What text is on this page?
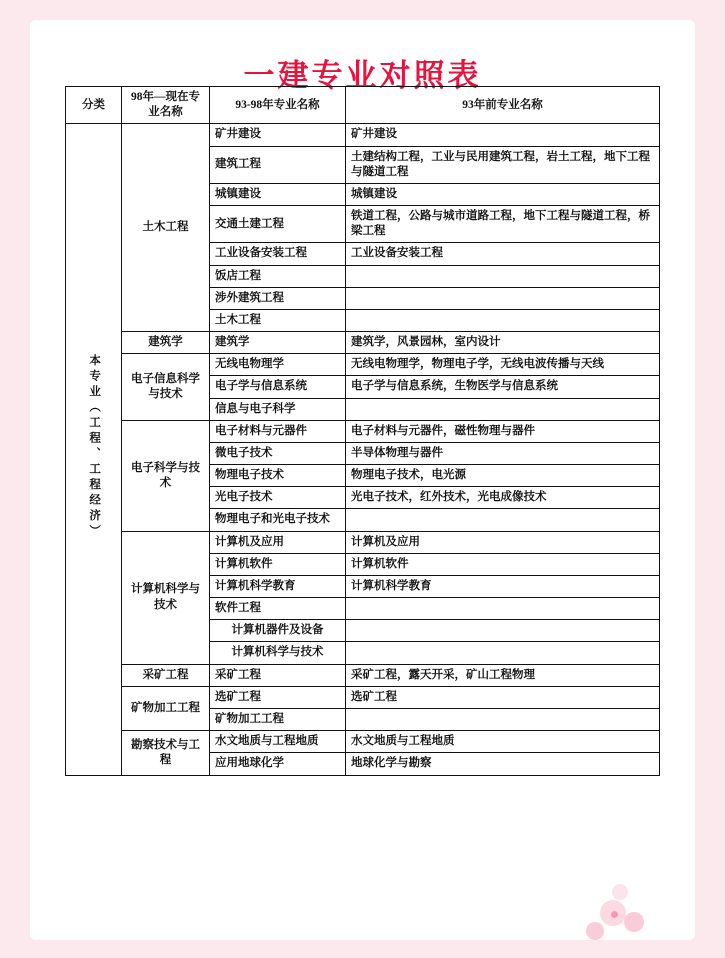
一建专业对照表
分类	98年—现在专业名称	93-98年专业名称	93年前专业名称
本专业（工程、工程经济）	土木工程	矿井建设	矿井建设
		建筑工程	土建结构工程，工业与民用建筑工程，岩土工程，地下工程与隧道工程
		城镇建设	城镇建设
		交通土建工程	铁道工程，公路与城市道路工程，地下工程与隧道工程，桥梁工程
		工业设备安装工程	工业设备安装工程
		饭店工程	
		涉外建筑工程	
		土木工程	
	建筑学	建筑学	建筑学，风景园林，室内设计
	电子信息科学与技术	无线电物理学	无线电物理学，物理电子学，无线电波传播与天线
		电子学与信息系统	电子学与信息系统，生物医学与信息系统
		信息与电子科学	
	电子科学与技术	电子材料与元器件	电子材料与元器件，磁性物理与器件
		微电子技术	半导体物理与器件
		物理电子技术	物理电子技术，电光源
		光电子技术	光电子技术，红外技术，光电成像技术
		物理电子和光电子技术	
	计算机科学与技术	计算机及应用	计算机及应用
		计算机软件	计算机软件
		计算机科学教育	计算机科学教育
		软件工程	
		计算机器件及设备	
		计算机科学与技术	
	采矿工程	采矿工程	采矿工程，露天开采，矿山工程物理
	矿物加工工程	选矿工程	选矿工程
		矿物加工工程	
	勘察技术与工程	水文地质与工程地质	水文地质与工程地质
		应用地球化学	地球化学与勘察
